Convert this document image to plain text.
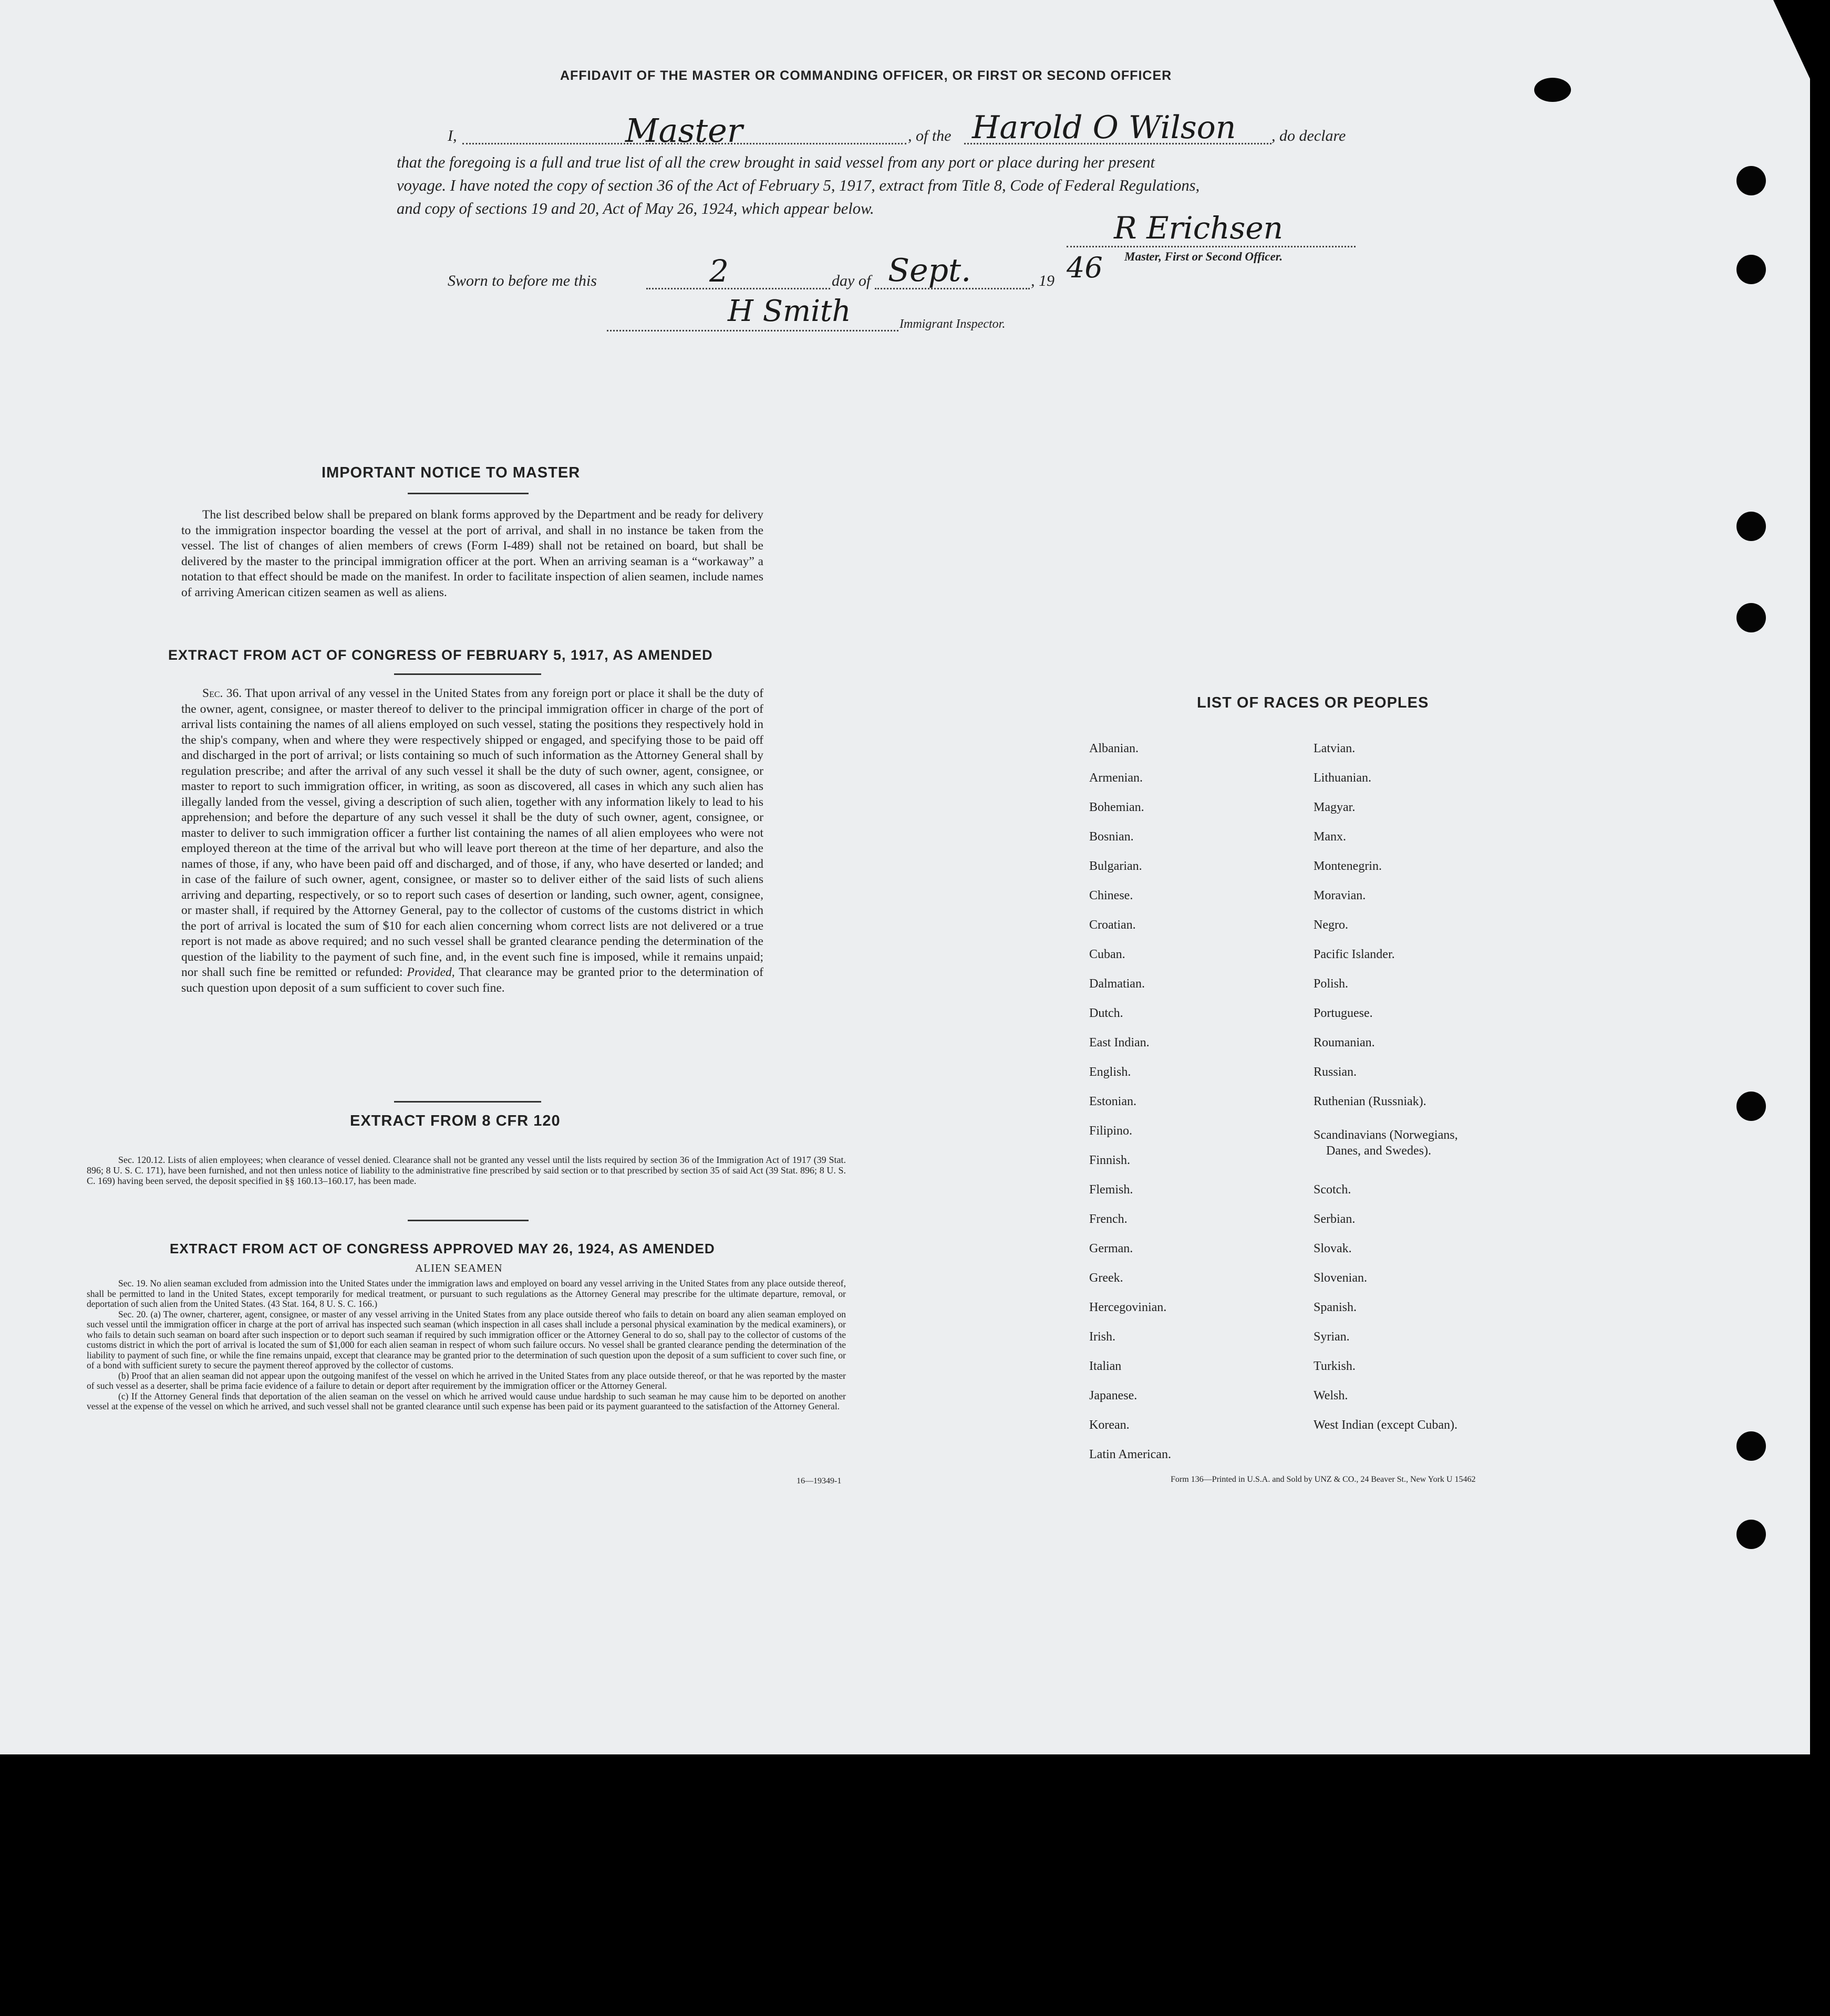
AFFIDAVIT OF THE MASTER OR COMMANDING OFFICER, OR FIRST OR SECOND OFFICER
I,	Master	, of the Harold O Wilson , do declare
that the foregoing is a full and true list of all the crew brought in said vessel from any port or place during her present
voyage. I have noted the copy of section 36 of the Act of February 5, 1917, extract from Title 8, Code of Federal Regulations,
and copy of sections 19 and 20, Act of May 26, 1924, which appear below.
R Erichsen
Master, First or Second Officer.
Sworn to before me this	2	day of Sept.	, 19 46
H Smith	Immigrant Inspector.
IMPORTANT NOTICE TO MASTER
The list described below shall be prepared on blank forms approved by the Department and be ready for delivery to the immigration inspector boarding the vessel at the port of arrival, and shall in no instance be taken from the vessel. The list of changes of alien members of crews (Form I-489) shall not be retained on board, but shall be delivered by the master to the principal immigration officer at the port. When an arriving seaman is a “workaway” a notation to that effect should be made on the manifest. In order to facilitate inspection of alien seamen, include names of arriving American citizen seamen as well as aliens.
EXTRACT FROM ACT OF CONGRESS OF FEBRUARY 5, 1917, AS AMENDED
Sec. 36. That upon arrival of any vessel in the United States from any foreign port or place it shall be the duty of the owner, agent, consignee, or master thereof to deliver to the principal immigration officer in charge of the port of arrival lists containing the names of all aliens employed on such vessel, stating the positions they respectively hold in the ship's company, when and where they were respectively shipped or engaged, and specifying those to be paid off and discharged in the port of arrival; or lists containing so much of such information as the Attorney General shall by regulation prescribe; and after the arrival of any such vessel it shall be the duty of such owner, agent, consignee, or master to report to such immigration officer, in writing, as soon as discovered, all cases in which any such alien has illegally landed from the vessel, giving a description of such alien, together with any information likely to lead to his apprehension; and before the departure of any such vessel it shall be the duty of such owner, agent, consignee, or master to deliver to such immigration officer a further list containing the names of all alien employees who were not employed thereon at the time of the arrival but who will leave port thereon at the time of her departure, and also the names of those, if any, who have been paid off and discharged, and of those, if any, who have deserted or landed; and in case of the failure of such owner, agent, consignee, or master so to deliver either of the said lists of such aliens arriving and departing, respectively, or so to report such cases of desertion or landing, such owner, agent, consignee, or master shall, if required by the Attorney General, pay to the collector of customs of the customs district in which the port of arrival is located the sum of $10 for each alien concerning whom correct lists are not delivered or a true report is not made as above required; and no such vessel shall be granted clearance pending the determination of the question of the liability to the payment of such fine, and, in the event such fine is imposed, while it remains unpaid; nor shall such fine be remitted or refunded: Provided, That clearance may be granted prior to the determination of such question upon deposit of a sum sufficient to cover such fine.
EXTRACT FROM 8 CFR 120
Sec. 120.12. Lists of alien employees; when clearance of vessel denied. Clearance shall not be granted any vessel until the lists required by section 36 of the Immigration Act of 1917 (39 Stat. 896; 8 U. S. C. 171), have been furnished, and not then unless notice of liability to the administrative fine prescribed by said section or to that prescribed by section 35 of said Act (39 Stat. 896; 8 U. S. C. 169) having been served, the deposit specified in §§ 160.13–160.17, has been made.
EXTRACT FROM ACT OF CONGRESS APPROVED MAY 26, 1924, AS AMENDED
ALIEN SEAMEN
Sec. 19. No alien seaman excluded from admission into the United States under the immigration laws and employed on board any vessel arriving in the United States from any place outside thereof, shall be permitted to land in the United States, except temporarily for medical treatment, or pursuant to such regulations as the Attorney General may prescribe for the ultimate departure, removal, or deportation of such alien from the United States. (43 Stat. 164, 8 U. S. C. 166.)
Sec. 20. (a) The owner, charterer, agent, consignee, or master of any vessel arriving in the United States from any place outside thereof who fails to detain on board any alien seaman employed on such vessel until the immigration officer in charge at the port of arrival has inspected such seaman (which inspection in all cases shall include a personal physical examination by the medical examiners), or who fails to detain such seaman on board after such inspection or to deport such seaman if required by such immigration officer or the Attorney General to do so, shall pay to the collector of customs of the customs district in which the port of arrival is located the sum of $1,000 for each alien seaman in respect of whom such failure occurs. No vessel shall be granted clearance pending the determination of the liability to payment of such fine, or while the fine remains unpaid, except that clearance may be granted prior to the determination of such question upon the deposit of a sum sufficient to cover such fine, or of a bond with sufficient surety to secure the payment thereof approved by the collector of customs.
(b) Proof that an alien seaman did not appear upon the outgoing manifest of the vessel on which he arrived in the United States from any place outside thereof, or that he was reported by the master of such vessel as a deserter, shall be prima facie evidence of a failure to detain or deport after requirement by the immigration officer or the Attorney General.
(c) If the Attorney General finds that deportation of the alien seaman on the vessel on which he arrived would cause undue hardship to such seaman he may cause him to be deported on another vessel at the expense of the vessel on which he arrived, and such vessel shall not be granted clearance until such expense has been paid or its payment guaranteed to the satisfaction of the Attorney General.
16—19349-1
LIST OF RACES OR PEOPLES
Albanian.
Armenian.
Bohemian.
Bosnian.
Bulgarian.
Chinese.
Croatian.
Cuban.
Dalmatian.
Dutch.
East Indian.
English.
Estonian.
Filipino.
Finnish.
Flemish.
French.
German.
Greek.
Hercegovinian.
Irish.
Italian
Japanese.
Korean.
Latin American.
Latvian.
Lithuanian.
Magyar.
Manx.
Montenegrin.
Moravian.
Negro.
Pacific Islander.
Polish.
Portuguese.
Roumanian.
Russian.
Ruthenian (Russniak).
Scandinavians (Norwegians,
Danes, and Swedes).
Scotch.
Serbian.
Slovak.
Slovenian.
Spanish.
Syrian.
Turkish.
Welsh.
West Indian (except Cuban).
Form 136—Printed in U.S.A. and Sold by UNZ & CO., 24 Beaver St., New York U 15462
